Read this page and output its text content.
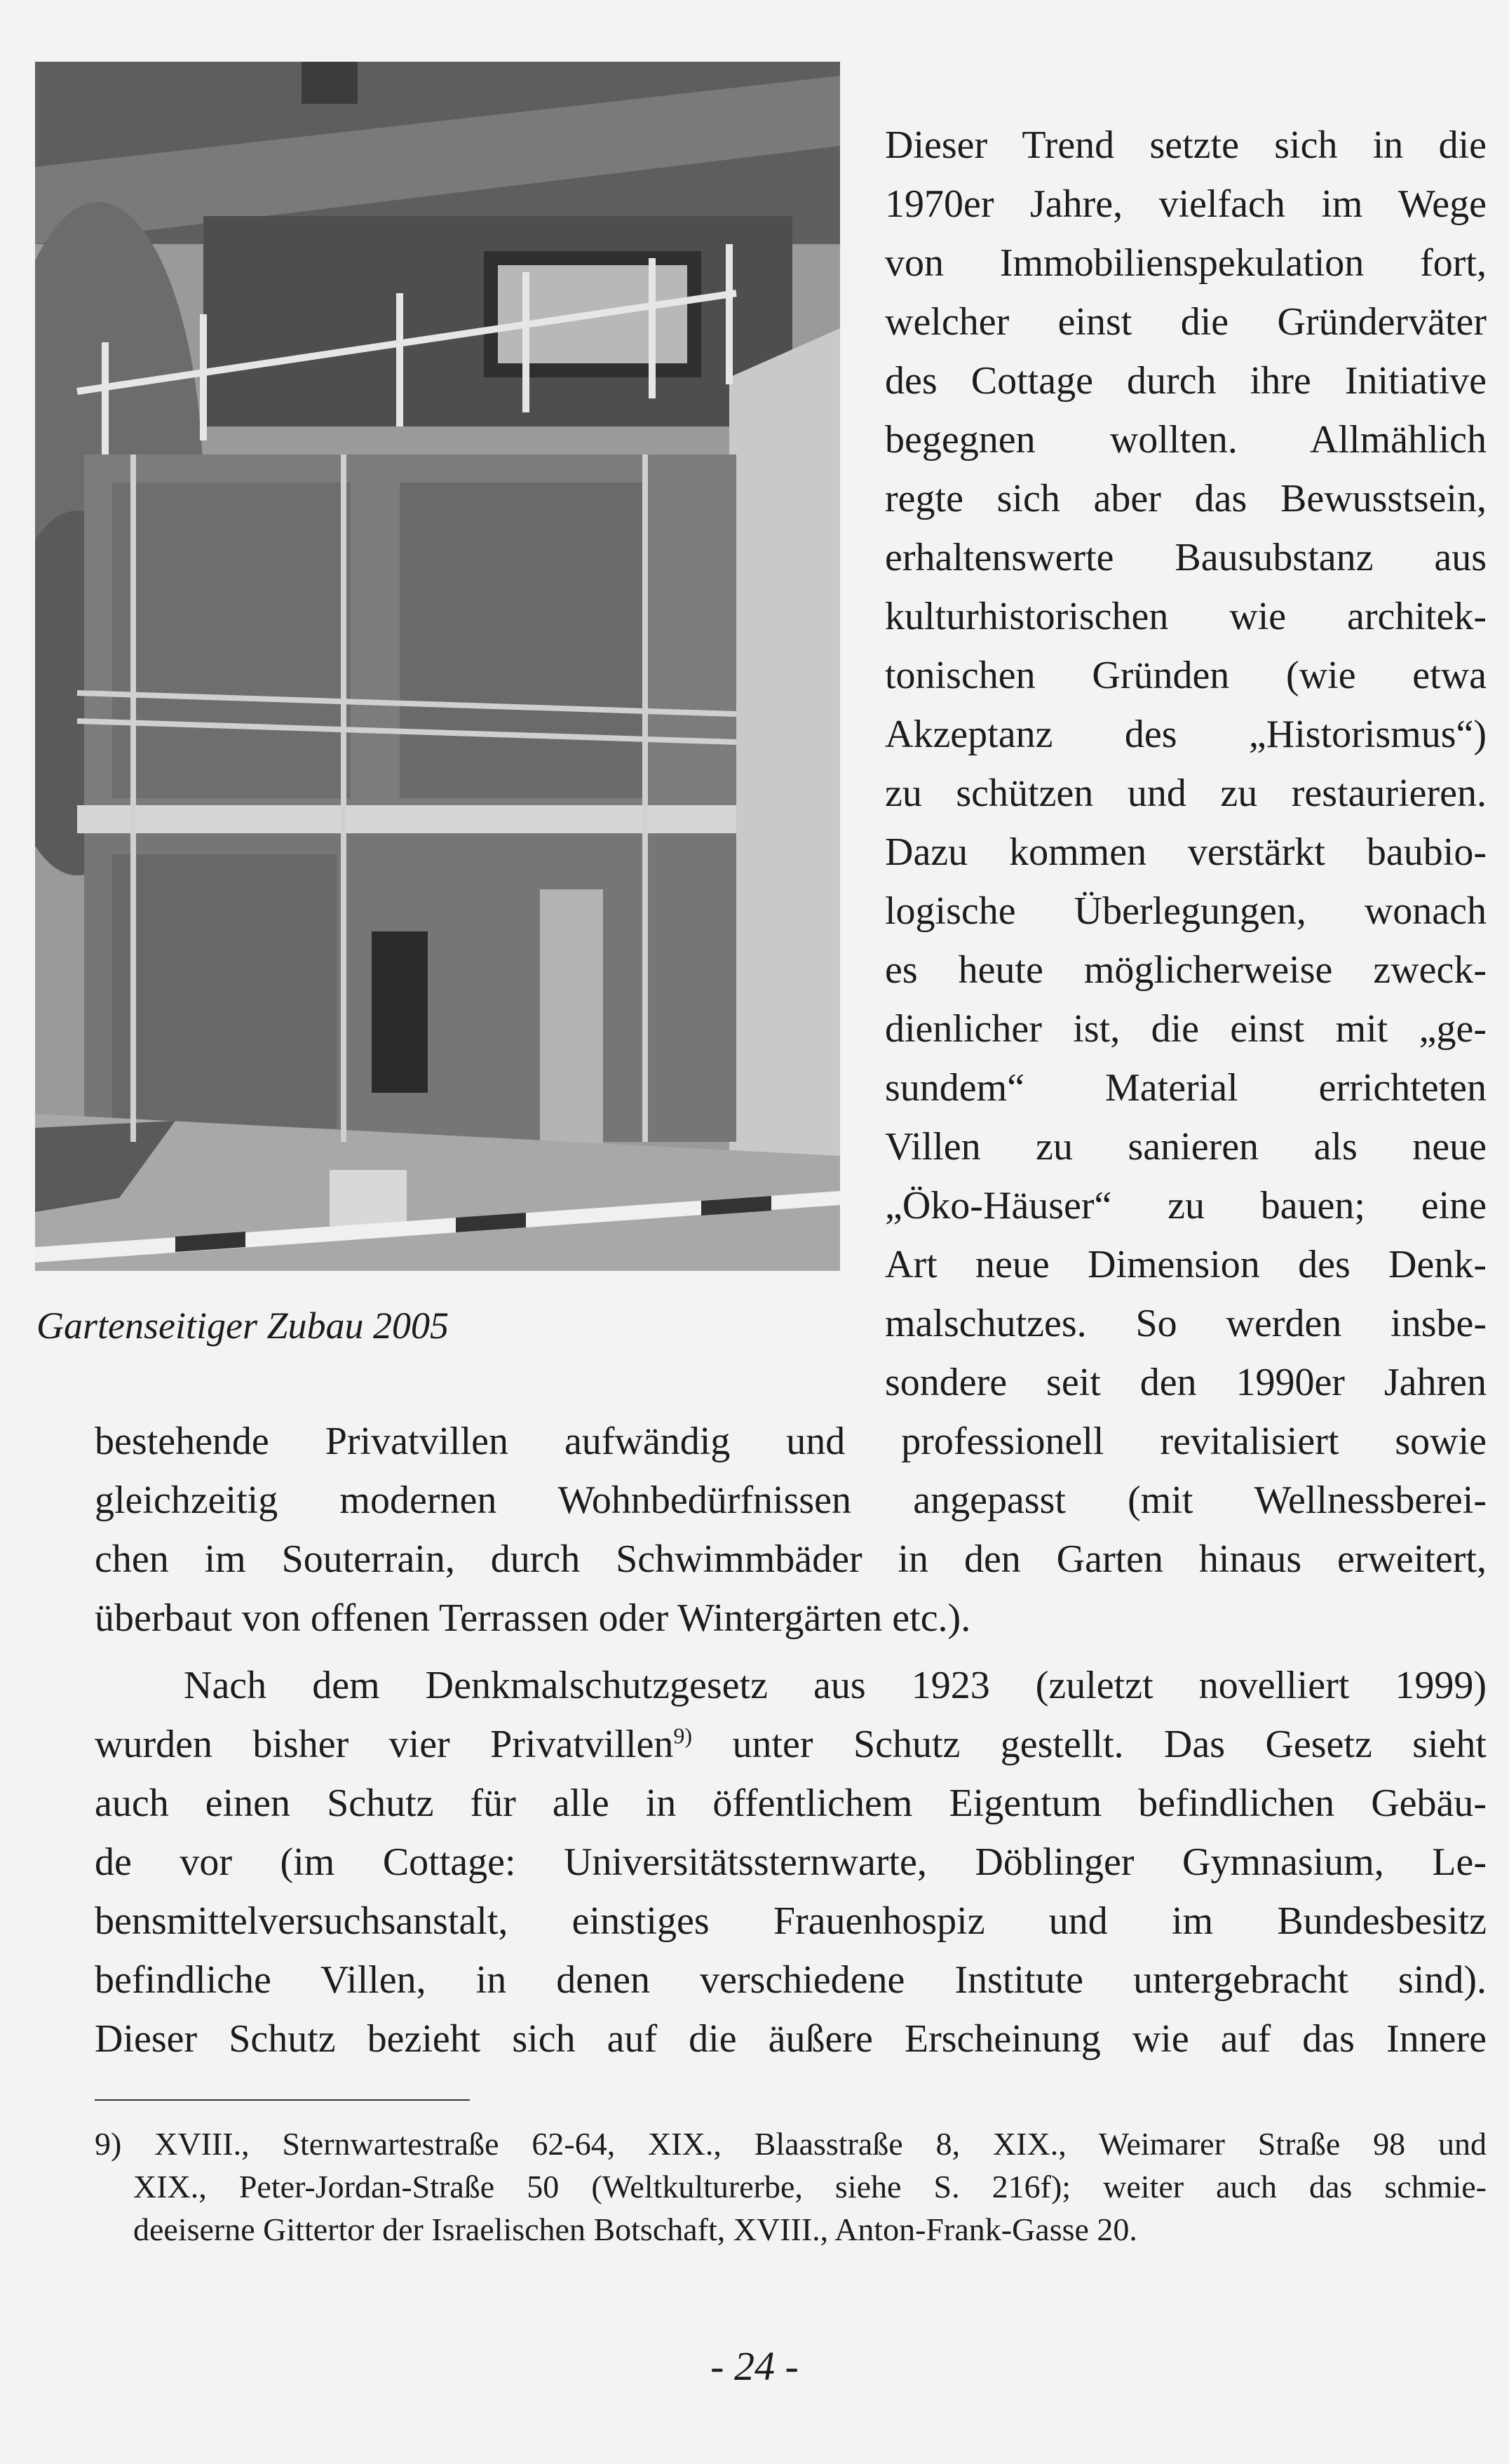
Gartenseitiger Zubau 2005
Dieser Trend setzte sich in die
1970er Jahre, vielfach im Wege
von Immobilienspekulation fort,
welcher einst die Gründerväter
des Cottage durch ihre Initiative
begegnen wollten. Allmählich
regte sich aber das Bewusstsein,
erhaltenswerte Bausubstanz aus
kulturhistorischen wie architek-
tonischen Gründen (wie etwa
Akzeptanz des „Historismus“)
zu schützen und zu restaurieren.
Dazu kommen verstärkt baubio-
logische Überlegungen, wonach
es heute möglicherweise zweck-
dienlicher ist, die einst mit „ge-
sundem“ Material errichteten
Villen zu sanieren als neue
„Öko-Häuser“ zu bauen; eine
Art neue Dimension des Denk-
malschutzes. So werden insbe-
sondere seit den 1990er Jahren
bestehende Privatvillen aufwändig und professionell revitalisiert sowie
gleichzeitig modernen Wohnbedürfnissen angepasst (mit Wellnessberei-
chen im Souterrain, durch Schwimmbäder in den Garten hinaus erweitert,
überbaut von offenen Terrassen oder Wintergärten etc.).
Nach dem Denkmalschutzgesetz aus 1923 (zuletzt novelliert 1999)
wurden bisher vier Privatvillen$^{9)}$ unter Schutz gestellt. Das Gesetz sieht
auch einen Schutz für alle in öffentlichem Eigentum befindlichen Gebäu-
de vor (im Cottage: Universitätssternwarte, Döblinger Gymnasium, Le-
bensmittelversuchsanstalt, einstiges Frauenhospiz und im Bundesbesitz
befindliche Villen, in denen verschiedene Institute untergebracht sind).
Dieser Schutz bezieht sich auf die äußere Erscheinung wie auf das Innere
9) XVIII., Sternwartestraße 62-64, XIX., Blaasstraße 8, XIX., Weimarer Straße 98 und
XIX., Peter-Jordan-Straße 50 (Weltkulturerbe, siehe S. 216f); weiter auch das schmie-
deeiserne Gittertor der Israelischen Botschaft, XVIII., Anton-Frank-Gasse 20.
- 24 -
